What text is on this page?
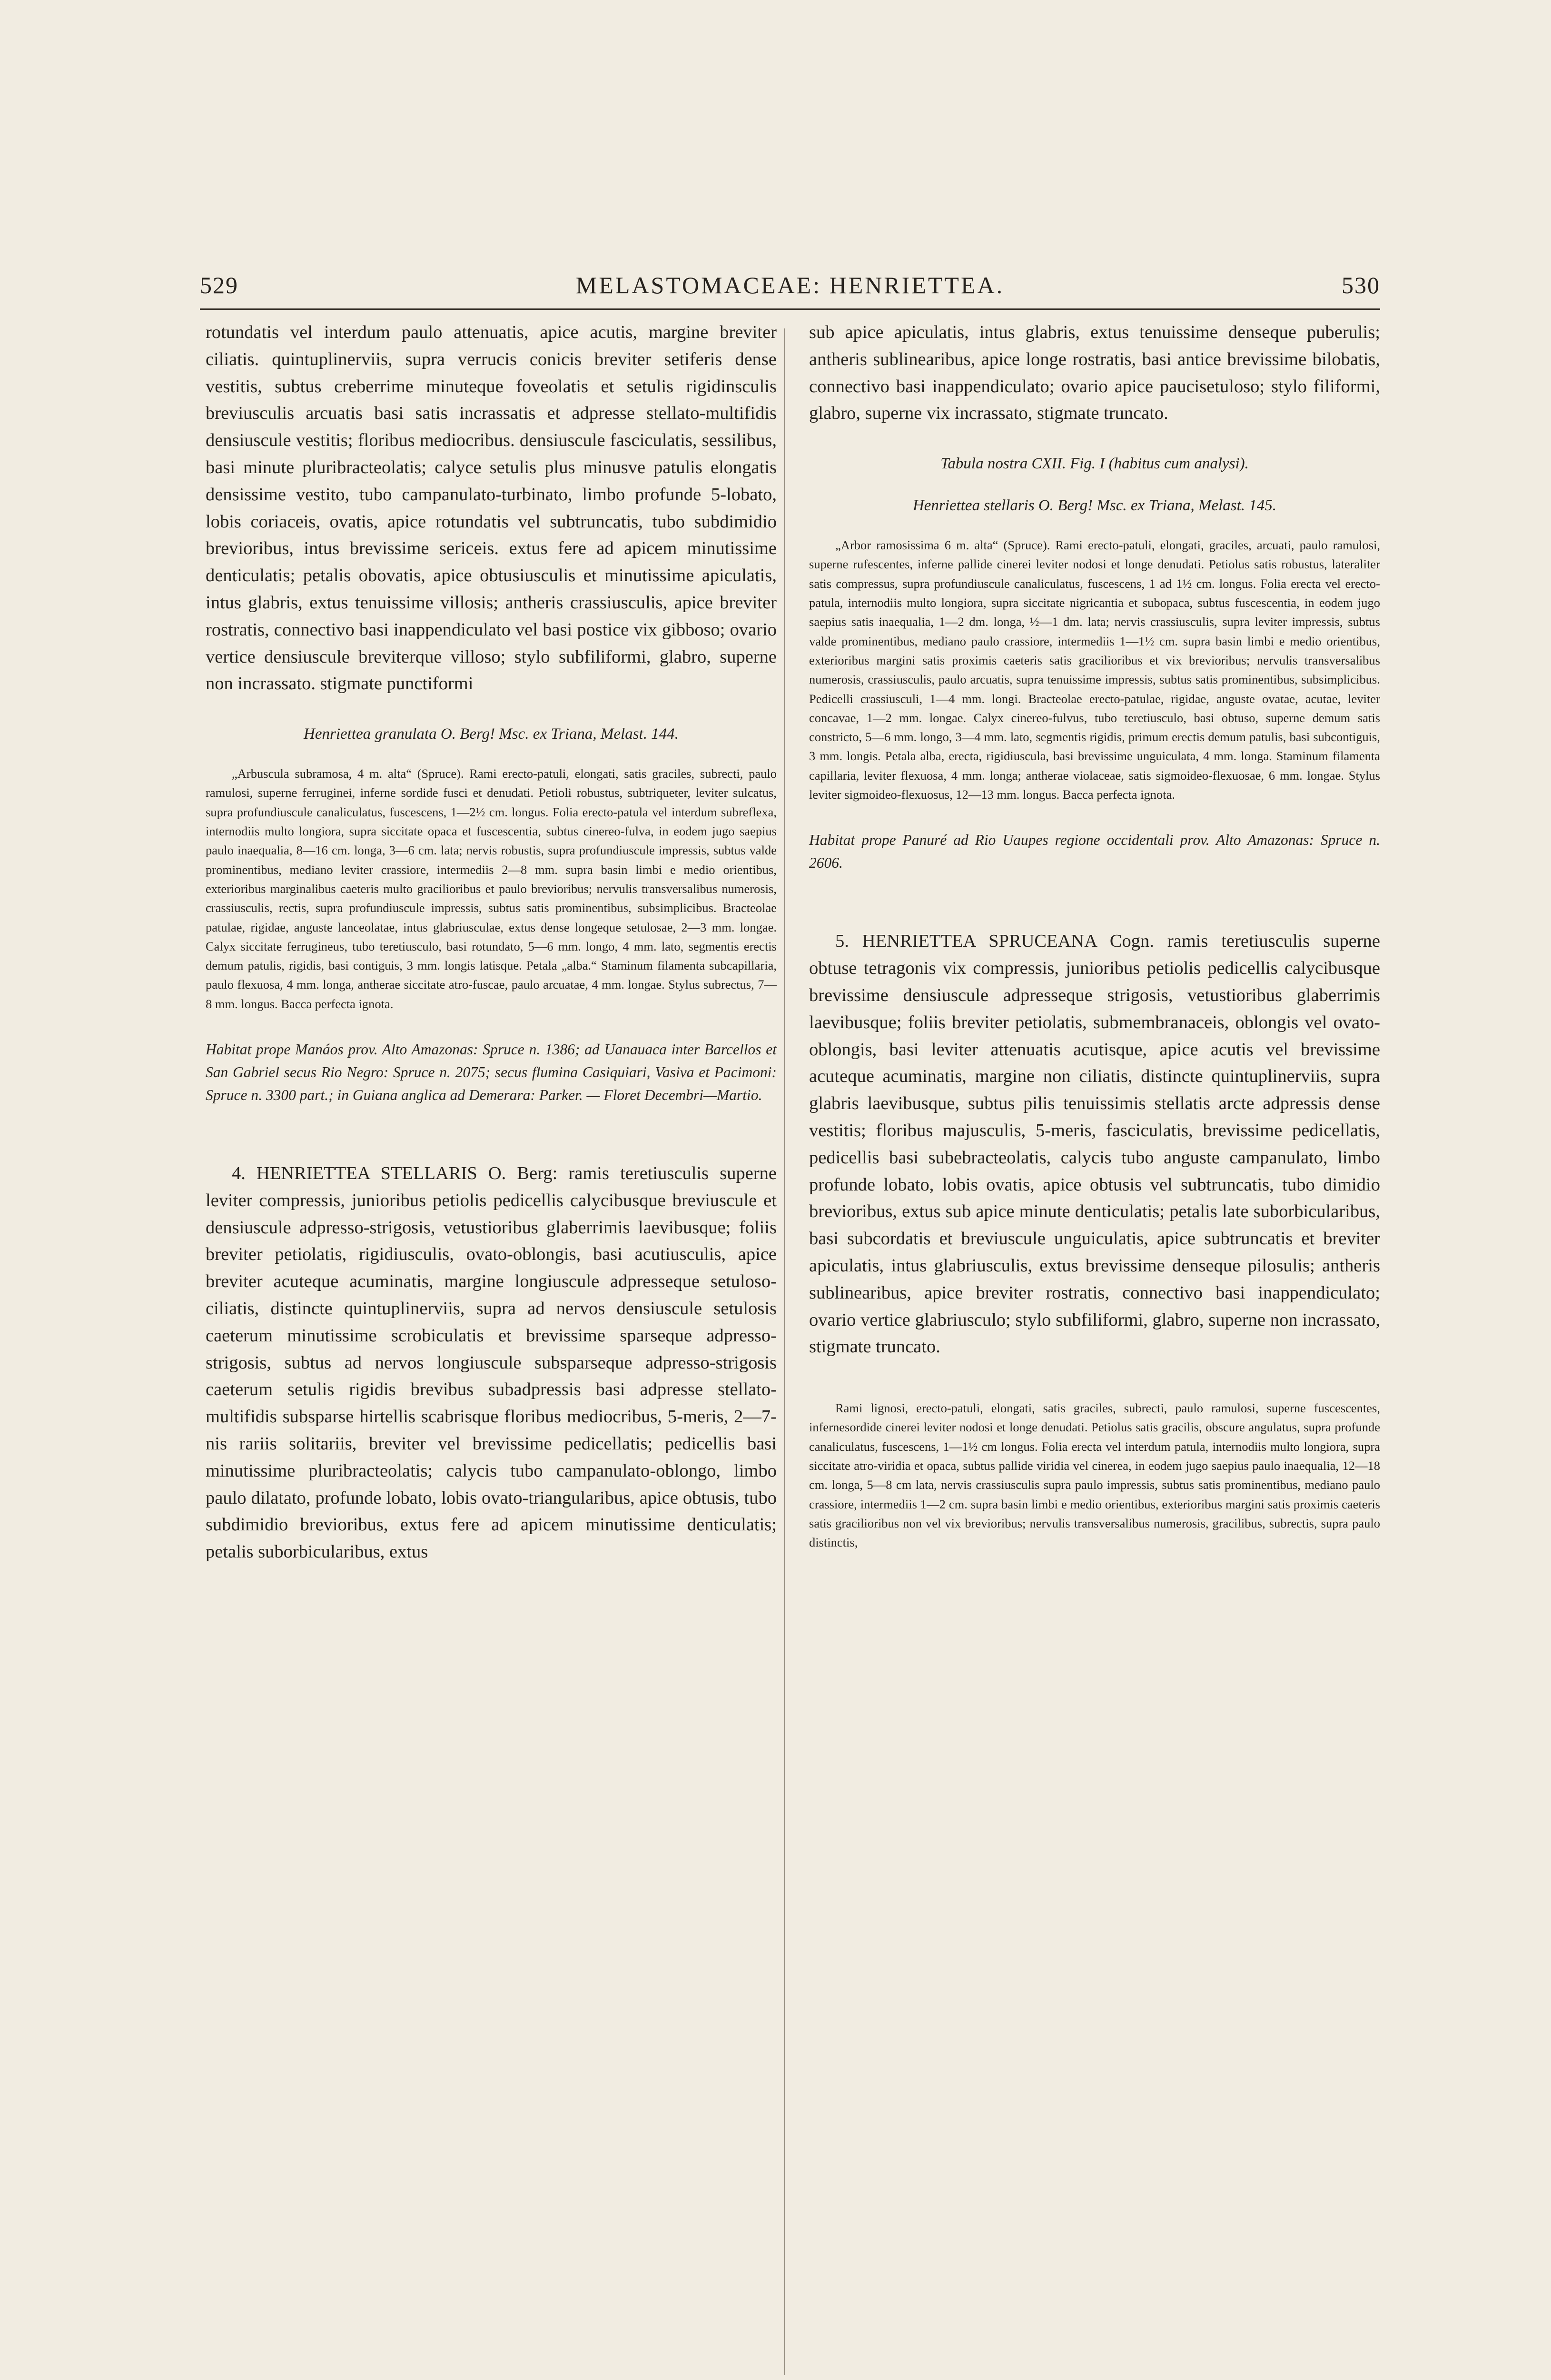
529	MELASTOMACEAE: HENRIETTEA.	530

rotundatis vel interdum paulo attenuatis, apice acutis, margine breviter ciliatis. quintuplinerviis, supra verrucis conicis breviter setiferis dense vestitis, subtus creberrime minuteque foveolatis et setulis rigidinsculis breviusculis arcuatis basi satis incrassatis et adpresse stellato-multifidis densiuscule vestitis; floribus mediocribus. densiuscule fasciculatis, sessilibus, basi minute pluribracteolatis; calyce setulis plus minusve patulis elongatis densissime vestito, tubo campanulato-turbinato, limbo profunde 5-lobato, lobis coriaceis, ovatis, apice rotundatis vel subtruncatis, tubo subdimidio brevioribus, intus brevissime sericeis. extus fere ad apicem minutissime denticulatis; petalis obovatis, apice obtusiusculis et minutissime apiculatis, intus glabris, extus tenuissime villosis; antheris crassiusculis, apice breviter rostratis, connectivo basi inappendiculato vel basi postice vix gibboso; ovario vertice densiuscule breviterque villoso; stylo subfiliformi, glabro, superne non incrassato. stigmate punctiformi

Henriettea granulata O. Berg! Msc. ex Triana, Melast. 144.

„Arbuscula subramosa, 4 m. alta“ (Spruce). Rami erecto-patuli, elongati, satis graciles, subrecti, paulo ramulosi, superne ferruginei, inferne sordide fusci et denudati. Petioli robustus, subtriqueter, leviter sulcatus, supra profundiuscule canaliculatus, fuscescens, 1—2½ cm. longus. Folia erecto-patula vel interdum subreflexa, internodiis multo longiora, supra siccitate opaca et fuscescentia, subtus cinereo-fulva, in eodem jugo saepius paulo inaequalia, 8—16 cm. longa, 3—6 cm. lata; nervis robustis, supra profundiuscule impressis, subtus valde prominentibus, mediano leviter crassiore, intermediis 2—8 mm. supra basin limbi e medio orientibus, exterioribus marginalibus caeteris multo gracilioribus et paulo brevioribus; nervulis transversalibus numerosis, crassiusculis, rectis, supra profundiuscule impressis, subtus satis prominentibus, subsimplicibus. Bracteolae patulae, rigidae, anguste lanceolatae, intus glabriusculae, extus dense longeque setulosae, 2—3 mm. longae. Calyx siccitate ferrugineus, tubo teretiusculo, basi rotundato, 5—6 mm. longo, 4 mm. lato, segmentis erectis demum patulis, rigidis, basi contiguis, 3 mm. longis latisque. Petala „alba.“ Staminum filamenta subcapillaria, paulo flexuosa, 4 mm. longa, antherae siccitate atro-fuscae, paulo arcuatae, 4 mm. longae. Stylus subrectus, 7—8 mm. longus. Bacca perfecta ignota.

Habitat prope Manáos prov. Alto Amazonas: Spruce n. 1386; ad Uanauaca inter Barcellos et San Gabriel secus Rio Negro: Spruce n. 2075; secus flumina Casiquiari, Vasiva et Pacimoni: Spruce n. 3300 part.; in Guiana anglica ad Demerara: Parker. — Floret Decembri—Martio.

4. HENRIETTEA STELLARIS O. Berg: ramis teretiusculis superne leviter compressis, junioribus petiolis pedicellis calycibusque breviuscule et densiuscule adpresso-strigosis, vetustioribus glaberrimis laevibusque; foliis breviter petiolatis, rigidiusculis, ovato-oblongis, basi acutiusculis, apice breviter acuteque acuminatis, margine longiuscule adpresseque setuloso-ciliatis, distincte quintuplinerviis, supra ad nervos densiuscule setulosis caeterum minutissime scrobiculatis et brevissime sparseque adpresso-strigosis, subtus ad nervos longiuscule subsparseque adpresso-strigosis caeterum setulis rigidis brevibus subadpressis basi adpresse stellato-multifidis subsparse hirtellis scabrisque floribus mediocribus, 5-meris, 2—7-nis rariis solitariis, breviter vel brevissime pedicellatis; pedicellis basi minutissime pluribracteolatis; calycis tubo campanulato-oblongo, limbo paulo dilatato, profunde lobato, lobis ovato-triangularibus, apice obtusis, tubo subdimidio brevioribus, extus fere ad apicem minutissime denticulatis; petalis suborbicularibus, extus

sub apice apiculatis, intus glabris, extus tenuissime denseque puberulis; antheris sublinearibus, apice longe rostratis, basi antice brevissime bilobatis, connectivo basi inappendiculato; ovario apice paucisetuloso; stylo filiformi, glabro, superne vix incrassato, stigmate truncato.

Tabula nostra CXII. Fig. I (habitus cum analysi).

Henriettea stellaris O. Berg! Msc. ex Triana, Melast. 145.

„Arbor ramosissima 6 m. alta“ (Spruce). Rami erecto-patuli, elongati, graciles, arcuati, paulo ramulosi, superne rufescentes, inferne pallide cinerei leviter nodosi et longe denudati. Petiolus satis robustus, lateraliter satis compressus, supra profundiuscule canaliculatus, fuscescens, 1 ad 1½ cm. longus. Folia erecta vel erecto-patula, internodiis multo longiora, supra siccitate nigricantia et subopaca, subtus fuscescentia, in eodem jugo saepius satis inaequalia, 1—2 dm. longa, ½—1 dm. lata; nervis crassiusculis, supra leviter impressis, subtus valde prominentibus, mediano paulo crassiore, intermediis 1—1½ cm. supra basin limbi e medio orientibus, exterioribus margini satis proximis caeteris satis gracilioribus et vix brevioribus; nervulis transversalibus numerosis, crassiusculis, paulo arcuatis, supra tenuissime impressis, subtus satis prominentibus, subsimplicibus. Pedicelli crassiusculi, 1—4 mm. longi. Bracteolae erecto-patulae, rigidae, anguste ovatae, acutae, leviter concavae, 1—2 mm. longae. Calyx cinereo-fulvus, tubo teretiusculo, basi obtuso, superne demum satis constricto, 5—6 mm. longo, 3—4 mm. lato, segmentis rigidis, primum erectis demum patulis, basi subcontiguis, 3 mm. longis. Petala alba, erecta, rigidiuscula, basi brevissime unguiculata, 4 mm. longa. Staminum filamenta capillaria, leviter flexuosa, 4 mm. longa; antherae violaceae, satis sigmoideo-flexuosae, 6 mm. longae. Stylus leviter sigmoideo-flexuosus, 12—13 mm. longus. Bacca perfecta ignota.

Habitat prope Panuré ad Rio Uaupes regione occidentali prov. Alto Amazonas: Spruce n. 2606.

5. HENRIETTEA SPRUCEANA Cogn. ramis teretiusculis superne obtuse tetragonis vix compressis, junioribus petiolis pedicellis calycibusque brevissime densiuscule adpresseque strigosis, vetustioribus glaberrimis laevibusque; foliis breviter petiolatis, submembranaceis, oblongis vel ovato-oblongis, basi leviter attenuatis acutisque, apice acutis vel brevissime acuteque acuminatis, margine non ciliatis, distincte quintuplinerviis, supra glabris laevibusque, subtus pilis tenuissimis stellatis arcte adpressis dense vestitis; floribus majusculis, 5-meris, fasciculatis, brevissime pedicellatis, pedicellis basi subebracteolatis, calycis tubo anguste campanulato, limbo profunde lobato, lobis ovatis, apice obtusis vel subtruncatis, tubo dimidio brevioribus, extus sub apice minute denticulatis; petalis late suborbicularibus, basi subcordatis et breviuscule unguiculatis, apice subtruncatis et breviter apiculatis, intus glabriusculis, extus brevissime denseque pilosulis; antheris sublinearibus, apice breviter rostratis, connectivo basi inappendiculato; ovario vertice glabriusculo; stylo subfiliformi, glabro, superne non incrassato, stigmate truncato.

Rami lignosi, erecto-patuli, elongati, satis graciles, subrecti, paulo ramulosi, superne fuscescentes, infernesordide cinerei leviter nodosi et longe denudati. Petiolus satis gracilis, obscure angulatus, supra profunde canaliculatus, fuscescens, 1—1½ cm longus. Folia erecta vel interdum patula, internodiis multo longiora, supra siccitate atro-viridia et opaca, subtus pallide viridia vel cinerea, in eodem jugo saepius paulo inaequalia, 12—18 cm. longa, 5—8 cm lata, nervis crassiusculis supra paulo impressis, subtus satis prominentibus, mediano paulo crassiore, intermediis 1—2 cm. supra basin limbi e medio orientibus, exterioribus margini satis proximis caeteris satis gracilioribus non vel vix brevioribus; nervulis transversalibus numerosis, gracilibus, subrectis, supra paulo distinctis,
